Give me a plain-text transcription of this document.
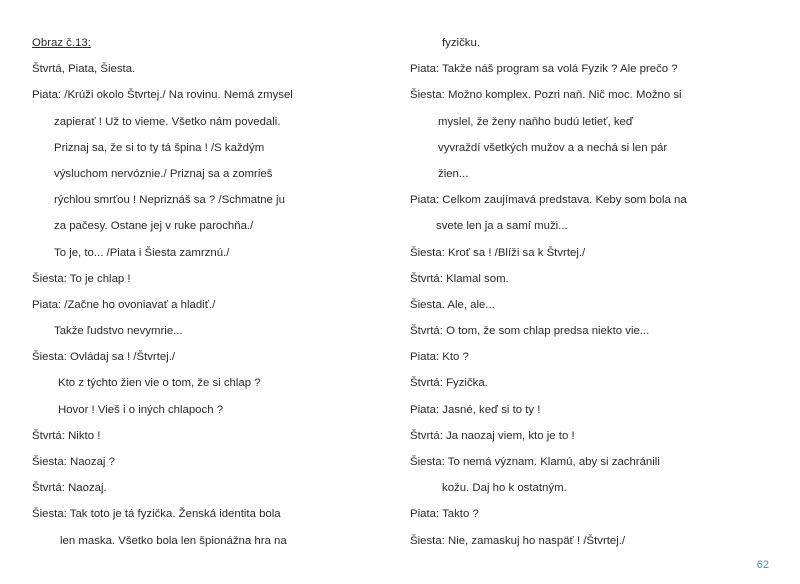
Obraz č.13:
Štvrtá, Piata, Šiesta.
Piata: /Krúži okolo Štvrtej./ Na rovinu. Nemá zmysel
zapierať ! Už to vieme. Všetko nám povedali.
Priznaj sa, že si to ty tá špina ! /S každým
výsluchom nervóznie./ Priznaj sa a zomrieš
rýchlou smrťou ! Nepriznáš sa ? /Schmatne ju
za pačesy. Ostane jej v ruke parochňa./
To je, to... /Piata i Šiesta zamrznú./
Šiesta: To je chlap !
Piata: /Začne ho ovoniavať a hladiť./
Takže ľudstvo nevymrie...
Šiesta: Ovládaj sa ! /Štvrtej./
Kto z týchto žien vie o tom, že si chlap ?
Hovor ! Vieš i o iných chlapoch ?
Štvrtá: Nikto !
Šiesta: Naozaj ?
Štvrtá: Naozaj.
Šiesta: Tak toto je tá fyzička. Ženská identita bola
len maska. Všetko bola len špionážna hra na
fyzičku.
Piata: Takže náš program sa volá Fyzik ? Ale prečo ?
Šiesta: Možno komplex. Pozri naň. Nič moc. Možno si
myslel, že ženy naňho budú letieť, keď
vyvraždí všetkých mužov a a nechá si len pár
žien...
Piata: Celkom zaujímavá predstava. Keby som bola na
svete len ja a samí muži...
Šiesta: Kroť sa ! /Blíži sa k Štvrtej./
Štvrtá: Klamal som.
Šiesta. Ale, ale...
Štvrtá: O tom, že som chlap predsa niekto vie...
Piata: Kto ?
Štvrtá: Fyzička.
Piata: Jasné, keď si to ty !
Štvrtá: Ja naozaj viem, kto je to !
Šiesta: To nemá význam. Klamú, aby si zachránili
kožu. Daj ho k ostatným.
Piata: Takto ?
Šiesta: Nie, zamaskuj ho naspäť ! /Štvrtej./
62
